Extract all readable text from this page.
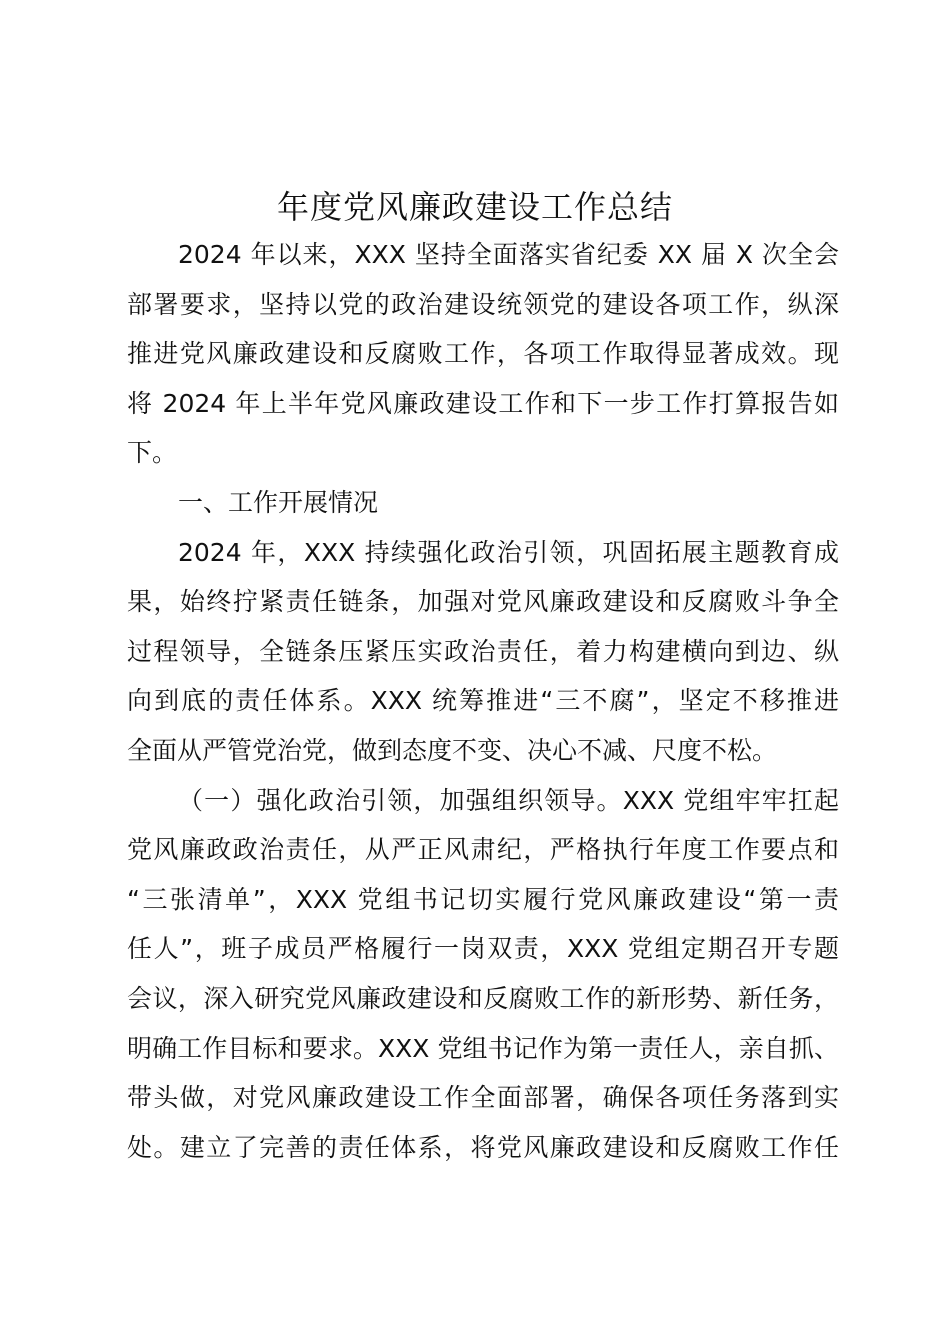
年度党风廉政建设工作总结
2024 年以来，XXX 坚持全面落实省纪委 XX 届 X 次全会
部署要求，坚持以党的政治建设统领党的建设各项工作，纵深
推进党风廉政建设和反腐败工作，各项工作取得显著成效。现
将 2024 年上半年党风廉政建设工作和下一步工作打算报告如
下。
一、工作开展情况
2024 年，XXX 持续强化政治引领，巩固拓展主题教育成
果，始终拧紧责任链条，加强对党风廉政建设和反腐败斗争全
过程领导，全链条压紧压实政治责任，着力构建横向到边、纵
向到底的责任体系。XXX 统筹推进“三不腐”，坚定不移推进
全面从严管党治党，做到态度不变、决心不减、尺度不松。
（一）强化政治引领，加强组织领导。XXX 党组牢牢扛起
党风廉政政治责任，从严正风肃纪，严格执行年度工作要点和
“三张清单”，XXX 党组书记切实履行党风廉政建设“第一责
任人”，班子成员严格履行一岗双责，XXX 党组定期召开专题
会议，深入研究党风廉政建设和反腐败工作的新形势、新任务，
明确工作目标和要求。XXX 党组书记作为第一责任人，亲自抓、
带头做，对党风廉政建设工作全面部署，确保各项任务落到实
处。建立了完善的责任体系，将党风廉政建设和反腐败工作任
